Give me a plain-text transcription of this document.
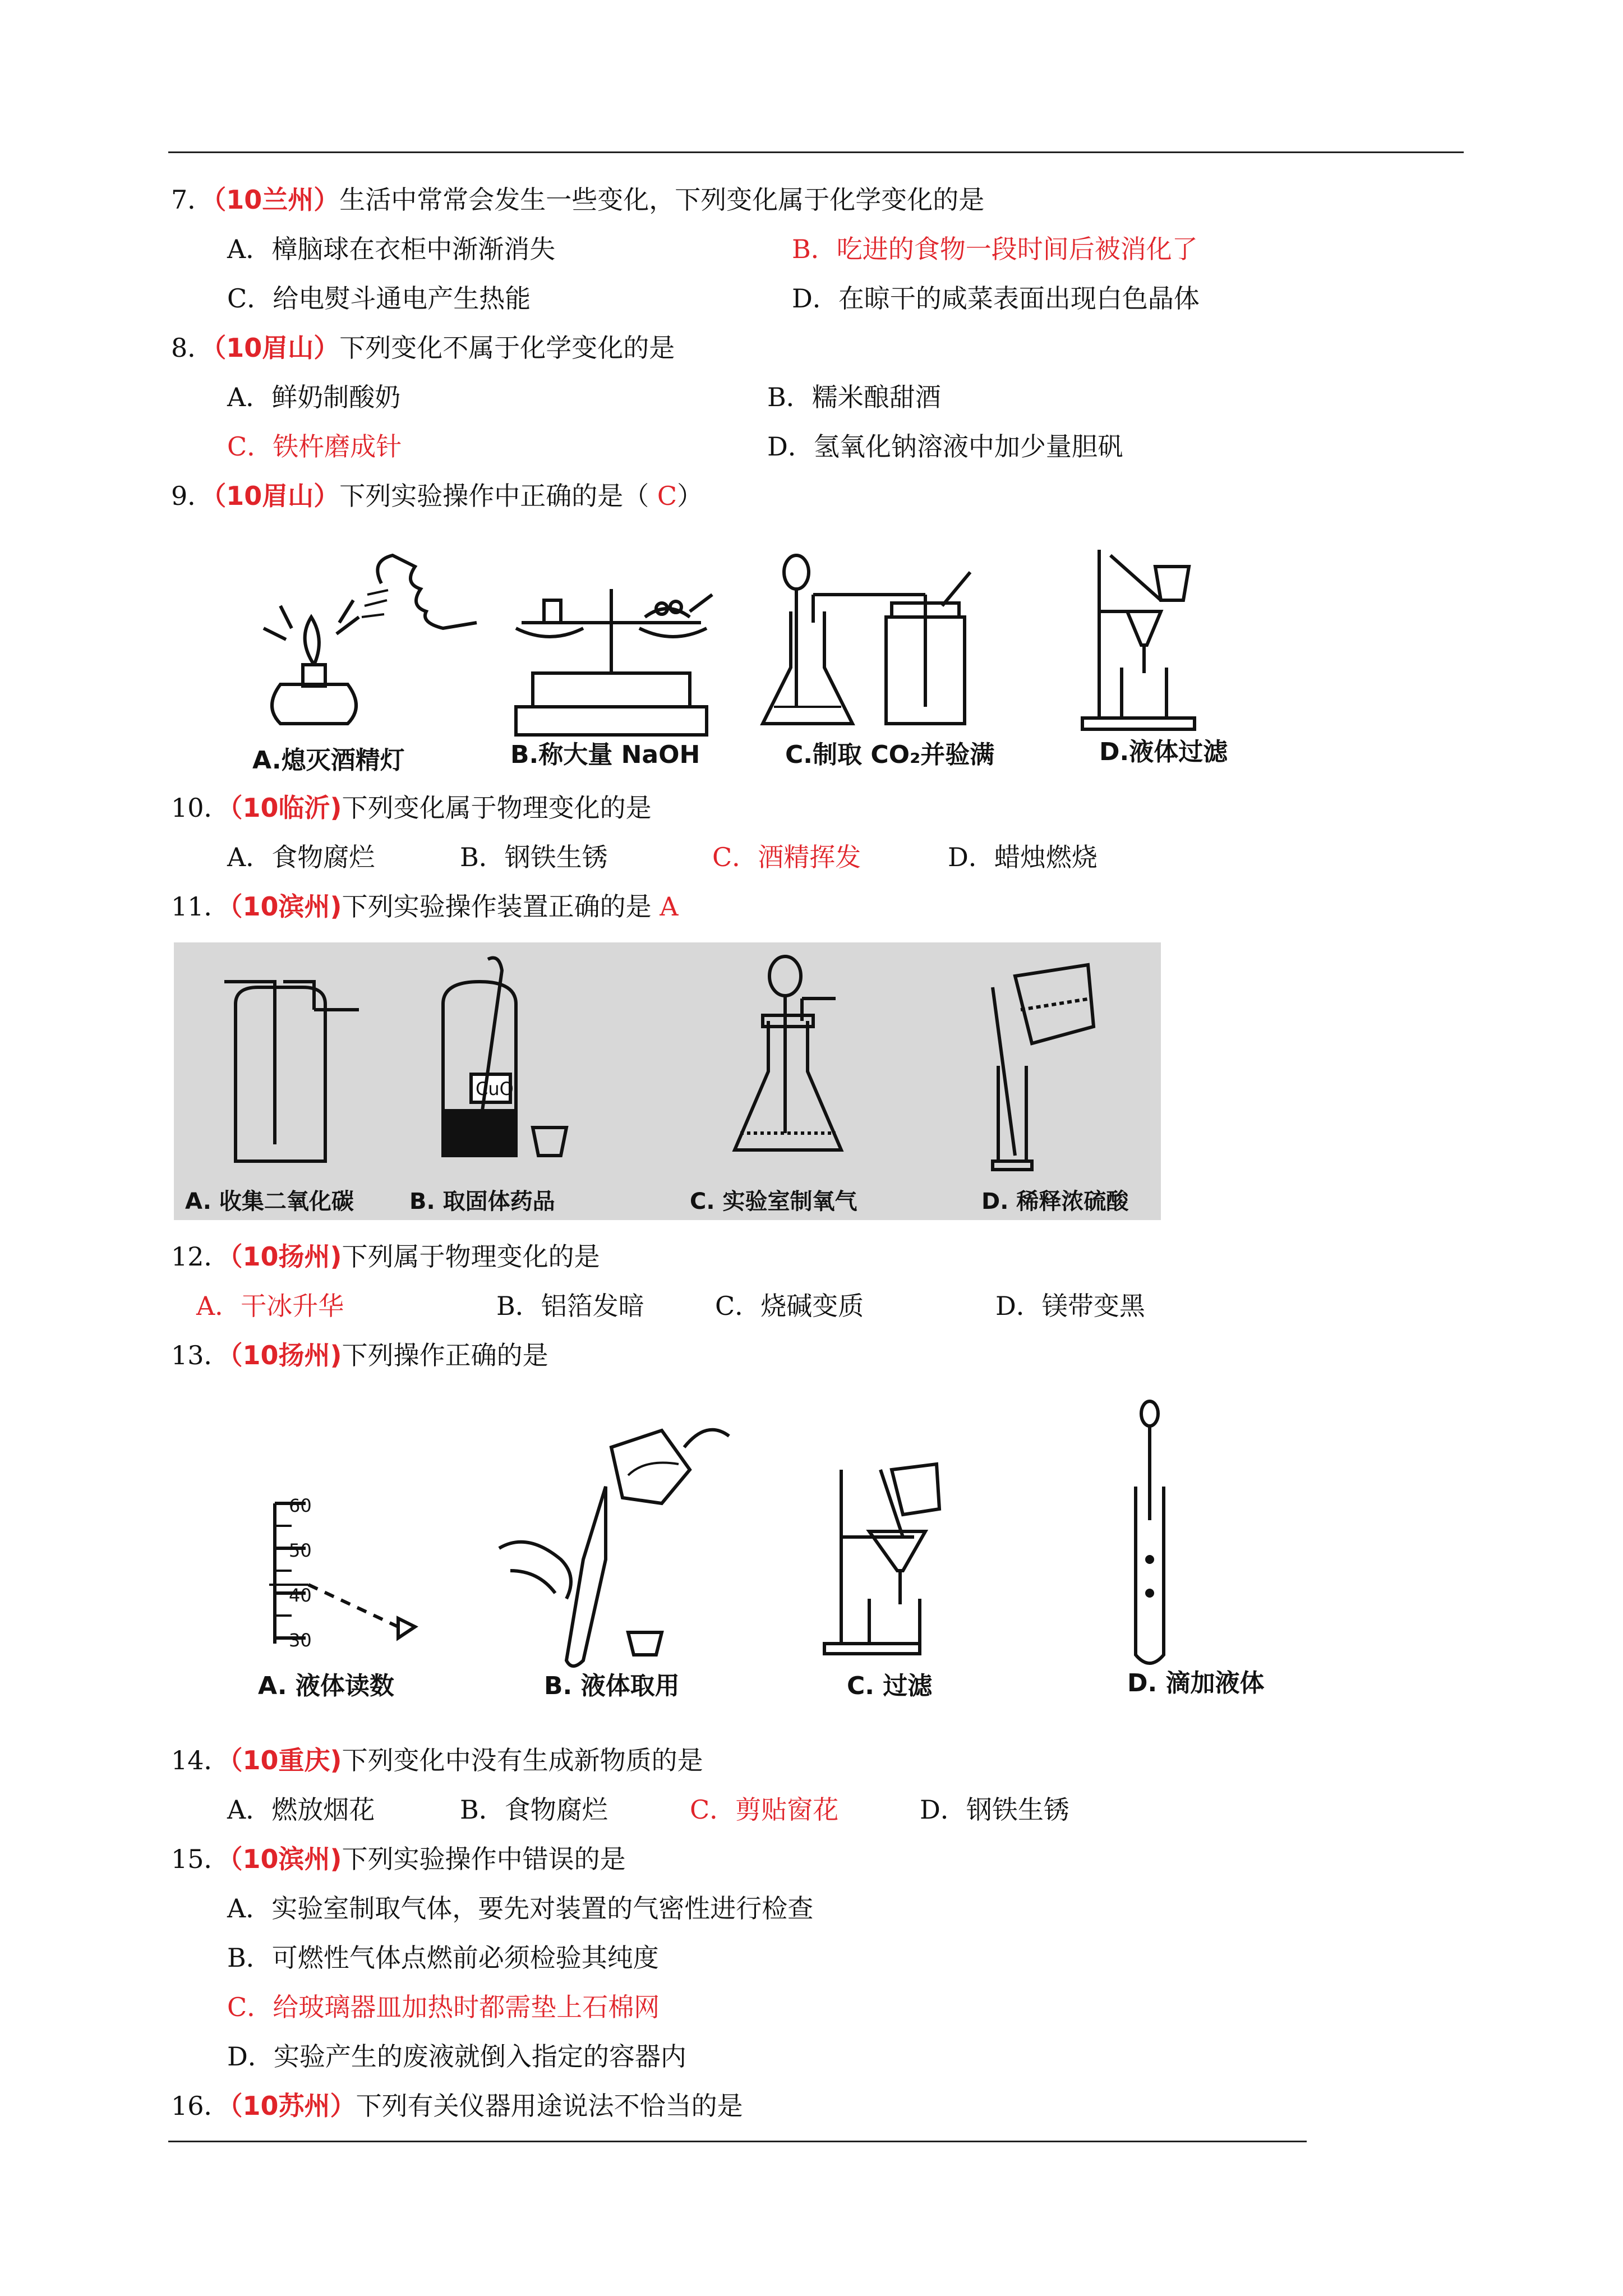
7．（10兰州）生活中常常会发生一些变化，下列变化属于化学变化的是
A．樟脑球在衣柜中渐渐消失	B．吃进的食物一段时间后被消化了
C．给电熨斗通电产生热能	D．在晾干的咸菜表面出现白色晶体
8．（10眉山）下列变化不属于化学变化的是
A．鲜奶制酸奶	B．糯米酿甜酒
C．铁杵磨成针	D．氢氧化钠溶液中加少量胆矾
9．（10眉山）下列实验操作中正确的是（ C）
A.熄灭酒精灯	B.称大量 NaOH	C.制取 CO₂并验满	D.液体过滤
10．（10临沂)下列变化属于物理变化的是
A．食物腐烂	B．钢铁生锈	C．酒精挥发	D．蜡烛燃烧
11．（10滨州)下列实验操作装置正确的是 A
CuO
A. 收集二氧化碳 B. 取固体药品	C. 实验室制氧气	D. 稀释浓硫酸
12．（10扬州)下列属于物理变化的是
A．干冰升华	B．铝箔发暗	C．烧碱变质	D．镁带变黑
13．（10扬州)下列操作正确的是
60
50
40
30
A. 液体读数	B. 液体取用	C. 过滤	D. 滴加液体
14．（10重庆)下列变化中没有生成新物质的是
A．燃放烟花	B．食物腐烂	C．剪贴窗花	D．钢铁生锈
15．（10滨州)下列实验操作中错误的是
A．实验室制取气体，要先对装置的气密性进行检查
B．可燃性气体点燃前必须检验其纯度
C．给玻璃器皿加热时都需垫上石棉网
D．实验产生的废液就倒入指定的容器内
16．（10苏州）下列有关仪器用途说法不恰当的是
